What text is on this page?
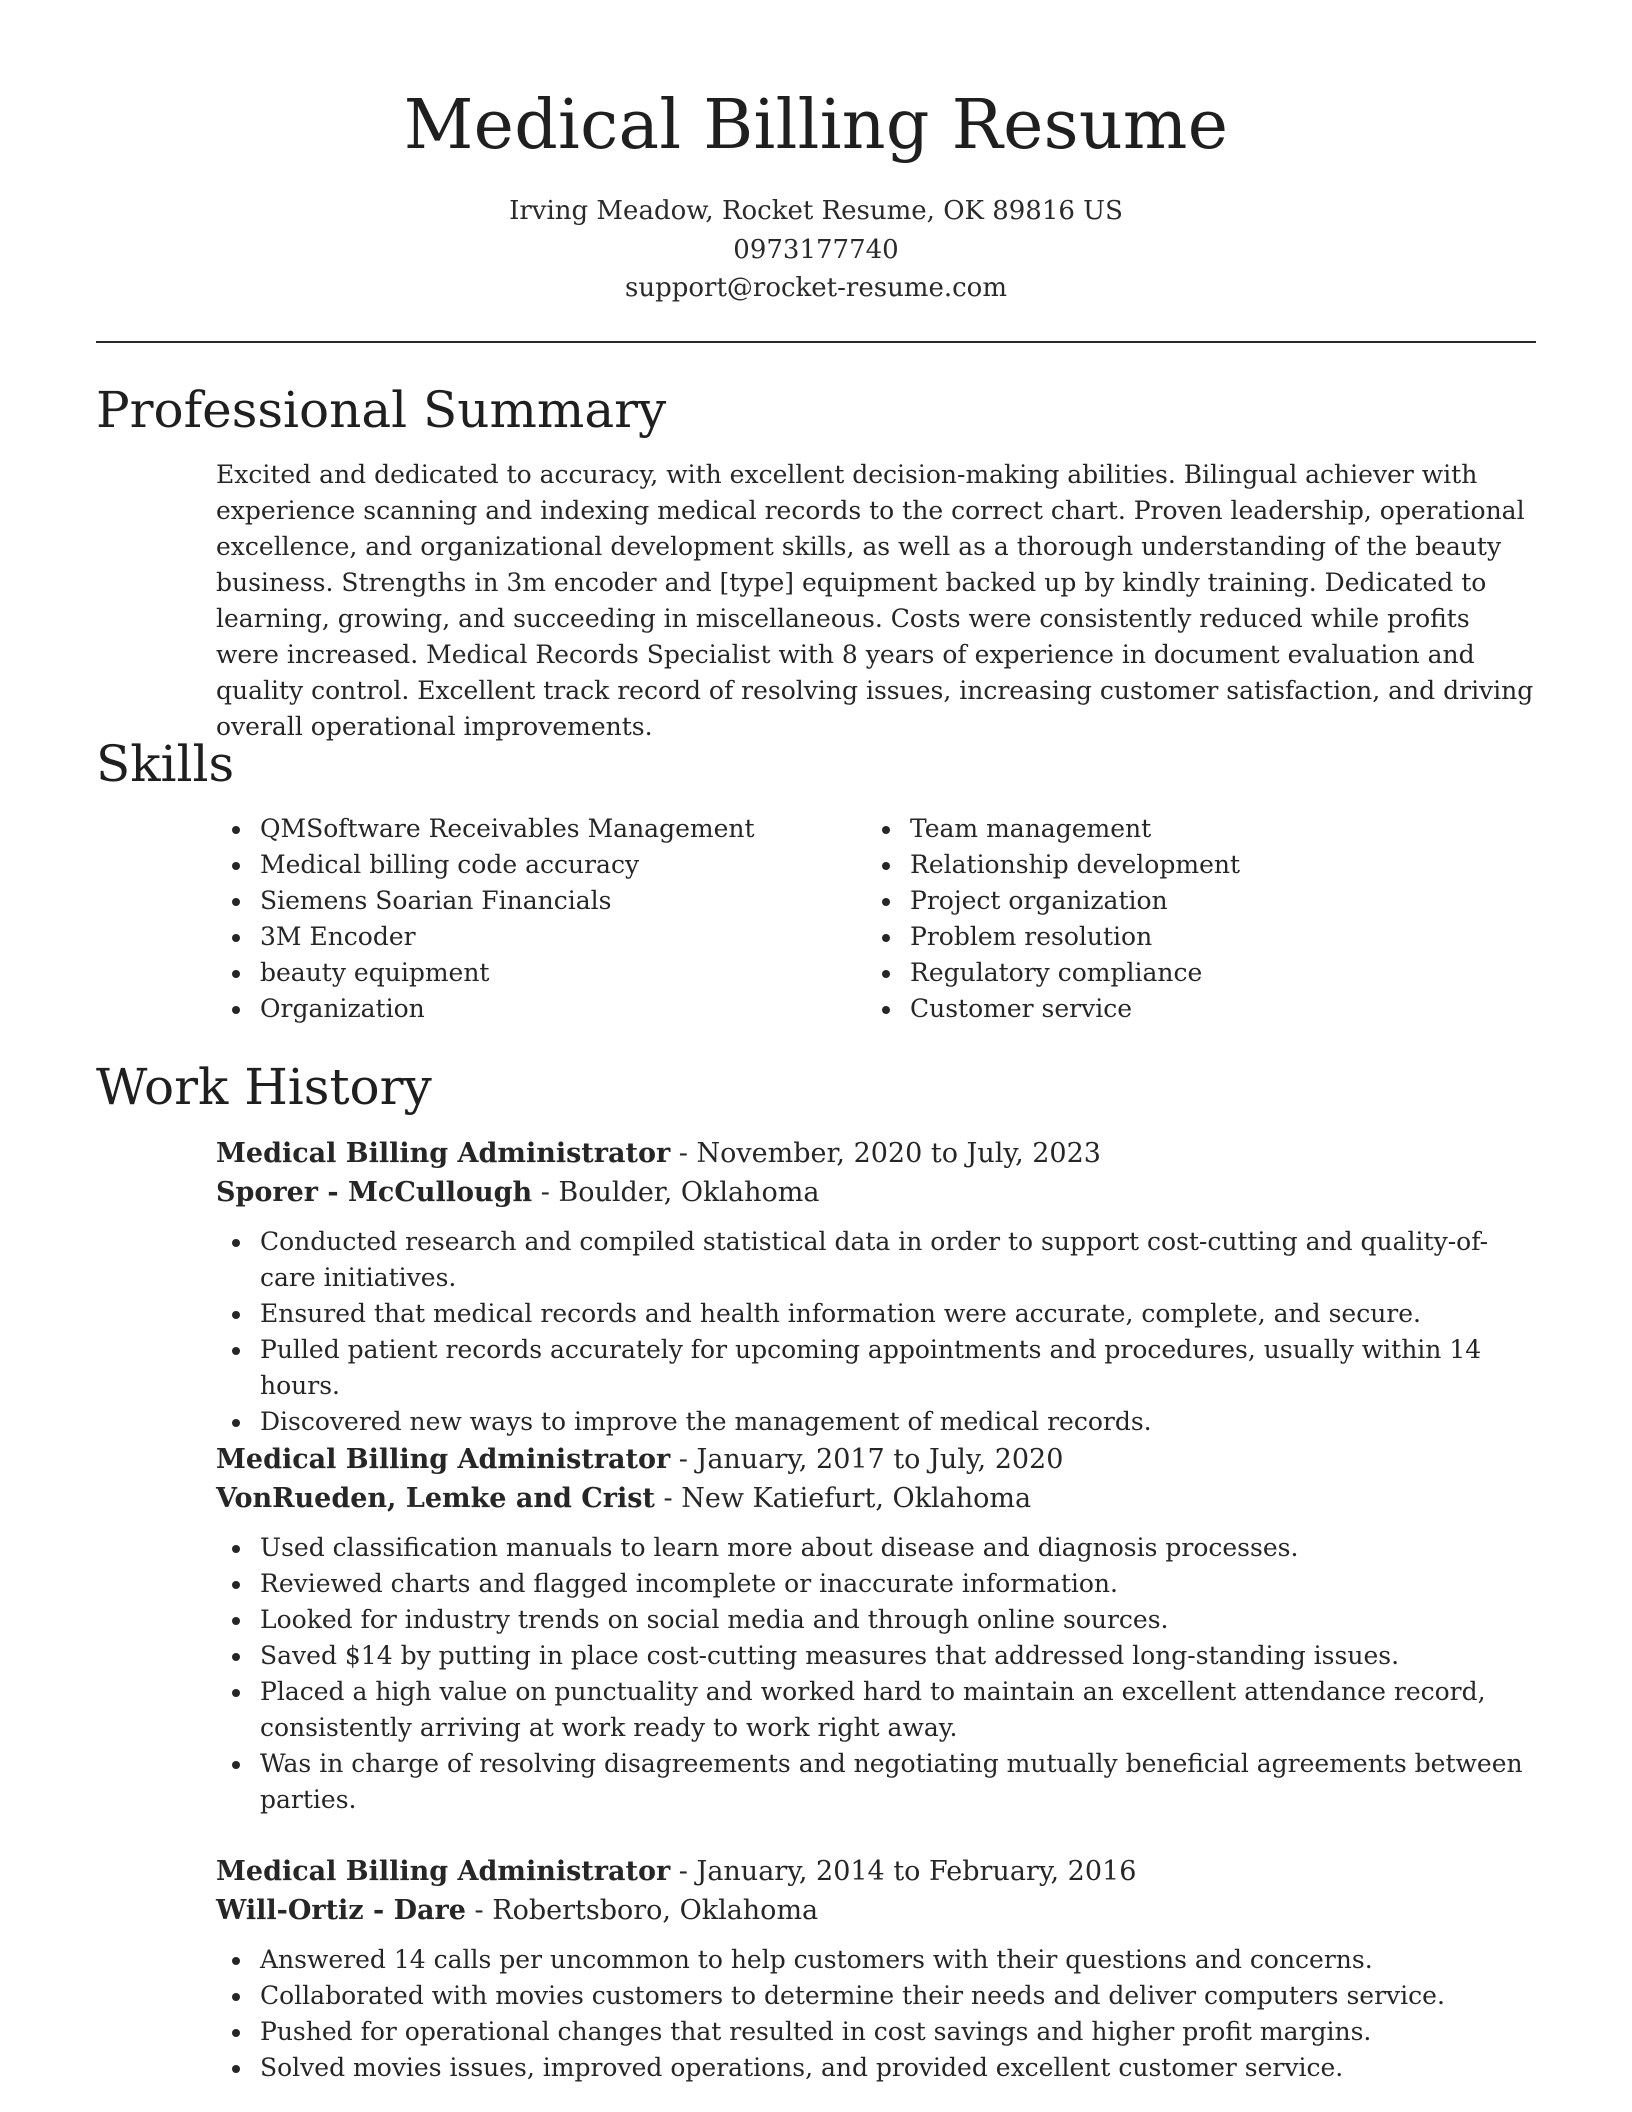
Medical Billing Resume
Irving Meadow, Rocket Resume, OK 89816 US
0973177740
support@rocket-resume.com
Professional Summary

Excited and dedicated to accuracy, with excellent decision-making abilities. Bilingual achiever with experience scanning and indexing medical records to the correct chart. Proven leadership, operational excellence, and organizational development skills, as well as a thorough understanding of the beauty business. Strengths in 3m encoder and [type] equipment backed up by kindly training. Dedicated to learning, growing, and succeeding in miscellaneous. Costs were consistently reduced while profits were increased. Medical Records Specialist with 8 years of experience in document evaluation and quality control. Excellent track record of resolving issues, increasing customer satisfaction, and driving overall operational improvements.

Skills
QMSoftware Receivables Management
Medical billing code accuracy
Siemens Soarian Financials
3M Encoder
beauty equipment
Organization
Team management
Relationship development
Project organization
Problem resolution
Regulatory compliance
Customer service
Work History
Medical Billing Administrator - November, 2020 to July, 2023
Sporer - McCullough - Boulder, Oklahoma
Conducted research and compiled statistical data in order to support cost-cutting and quality-of-care initiatives.
Ensured that medical records and health information were accurate, complete, and secure.
Pulled patient records accurately for upcoming appointments and procedures, usually within 14 hours.
Discovered new ways to improve the management of medical records.
Medical Billing Administrator - January, 2017 to July, 2020
VonRueden, Lemke and Crist - New Katiefurt, Oklahoma
Used classification manuals to learn more about disease and diagnosis processes.
Reviewed charts and flagged incomplete or inaccurate information.
Looked for industry trends on social media and through online sources.
Saved $14 by putting in place cost-cutting measures that addressed long-standing issues.
Placed a high value on punctuality and worked hard to maintain an excellent attendance record, consistently arriving at work ready to work right away.
Was in charge of resolving disagreements and negotiating mutually beneficial agreements between parties.
Medical Billing Administrator - January, 2014 to February, 2016
Will-Ortiz - Dare - Robertsboro, Oklahoma
Answered 14 calls per uncommon to help customers with their questions and concerns.
Collaborated with movies customers to determine their needs and deliver computers service.
Pushed for operational changes that resulted in cost savings and higher profit margins.
Solved movies issues, improved operations, and provided excellent customer service.
